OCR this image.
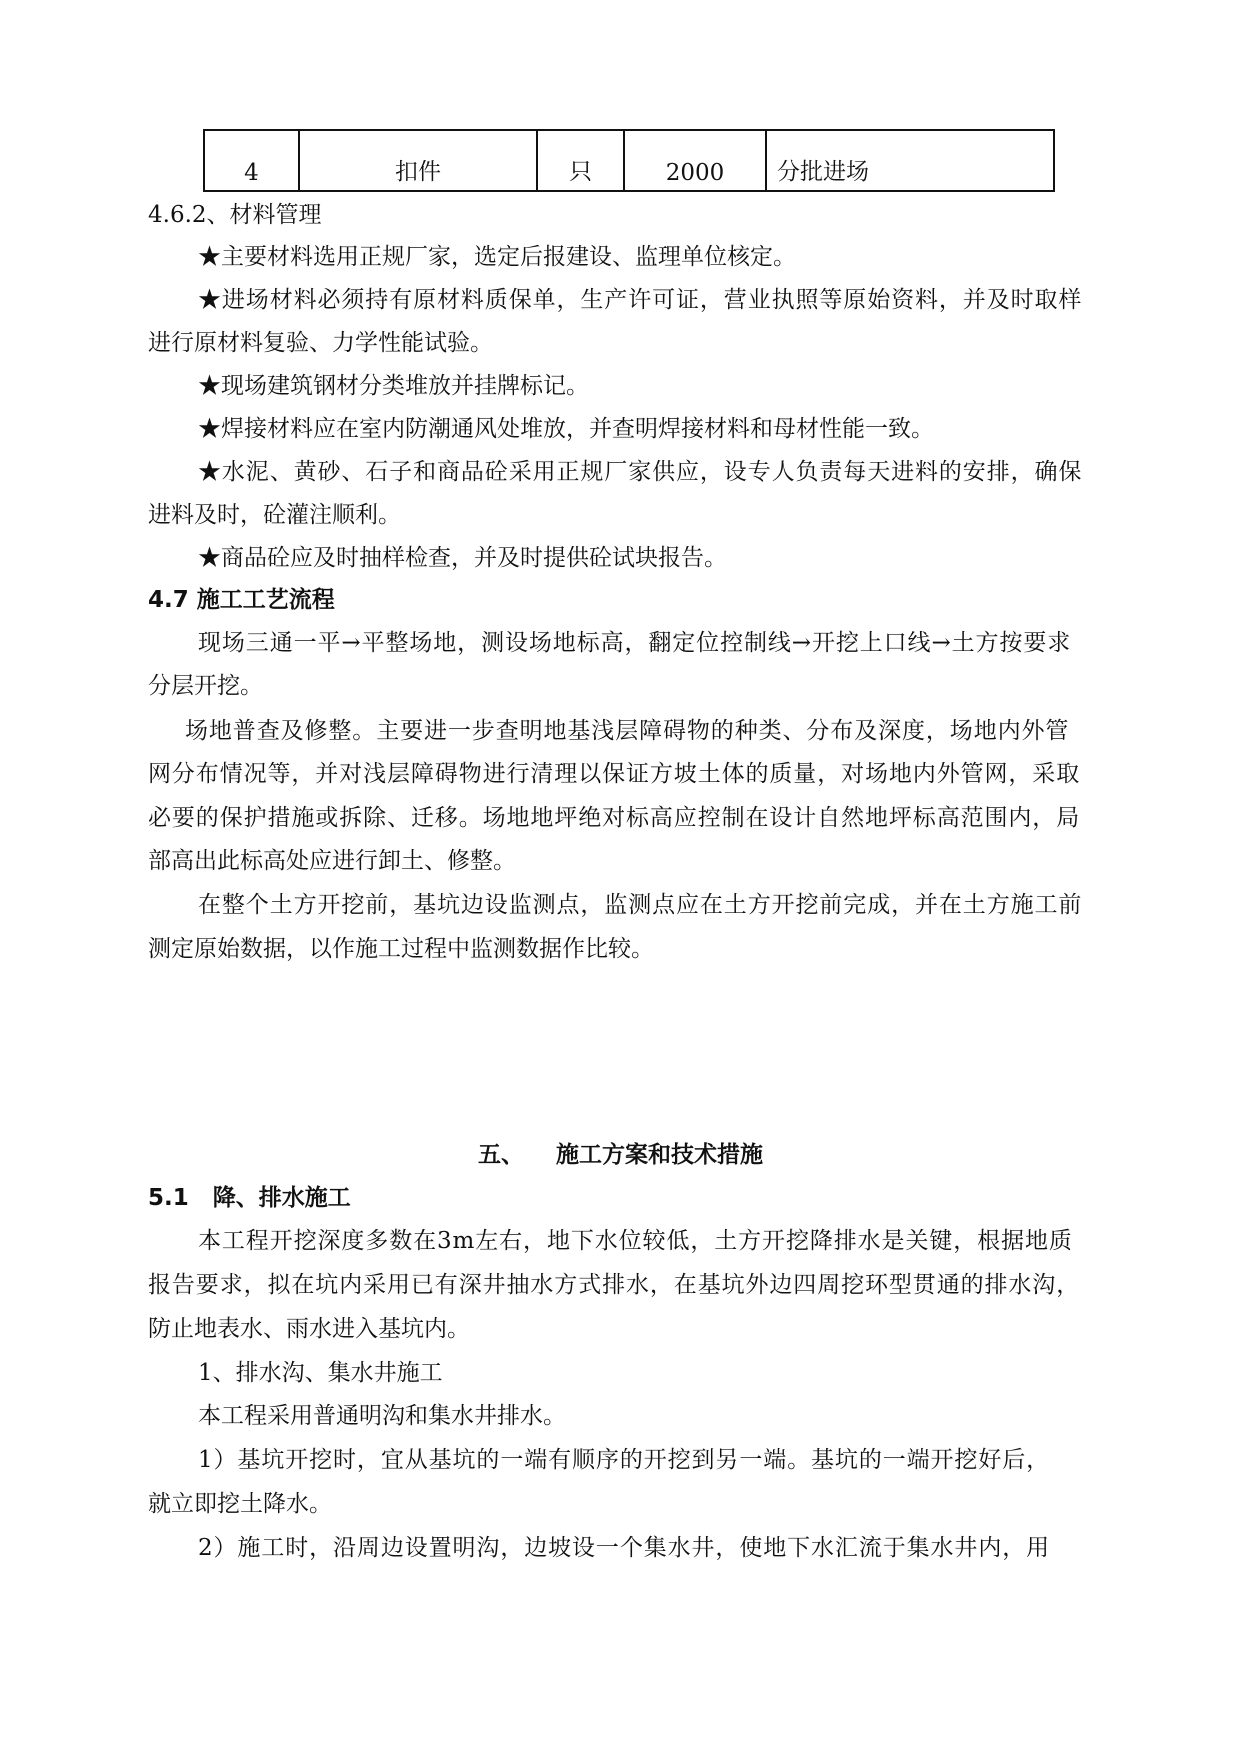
4	扣件	只	2000	分批进场
4.6.2、材料管理
★主要材料选用正规厂家，选定后报建设、监理单位核定。
★进场材料必须持有原材料质保单，生产许可证，营业执照等原始资料，并及时取样
进行原材料复验、力学性能试验。
★现场建筑钢材分类堆放并挂牌标记。
★焊接材料应在室内防潮通风处堆放，并查明焊接材料和母材性能一致。
★水泥、黄砂、石子和商品砼采用正规厂家供应，设专人负责每天进料的安排，确保
进料及时，砼灌注顺利。
★商品砼应及时抽样检查，并及时提供砼试块报告。
4.7 施工工艺流程
现场三通一平→平整场地，测设场地标高，翻定位控制线→开挖上口线→土方按要求
分层开挖。
场地普查及修整。主要进一步查明地基浅层障碍物的种类、分布及深度，场地内外管
网分布情况等，并对浅层障碍物进行清理以保证方坡土体的质量，对场地内外管网，采取
必要的保护措施或拆除、迁移。场地地坪绝对标高应控制在设计自然地坪标高范围内，局
部高出此标高处应进行卸土、修整。
在整个土方开挖前，基坑边设监测点，监测点应在土方开挖前完成，并在土方施工前
测定原始数据，以作施工过程中监测数据作比较。
五、    施工方案和技术措施
5.1   降、排水施工
本工程开挖深度多数在3m左右，地下水位较低，土方开挖降排水是关键，根据地质
报告要求，拟在坑内采用已有深井抽水方式排水，在基坑外边四周挖环型贯通的排水沟，
防止地表水、雨水进入基坑内。
1、排水沟、集水井施工
本工程采用普通明沟和集水井排水。
1）基坑开挖时，宜从基坑的一端有顺序的开挖到另一端。基坑的一端开挖好后，
就立即挖土降水。
2）施工时，沿周边设置明沟，边坡设一个集水井，使地下水汇流于集水井内，用
